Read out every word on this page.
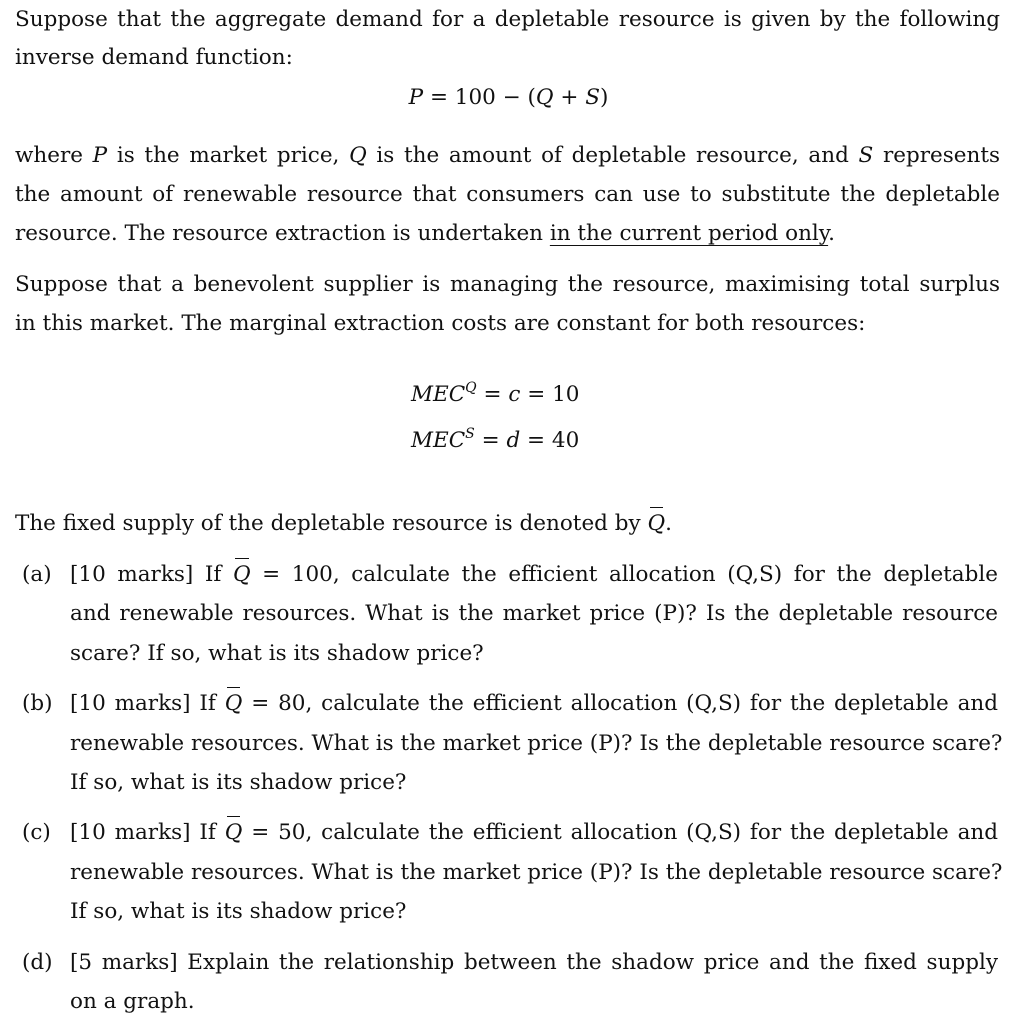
Suppose that the aggregate demand for a depletable resource is given by the following
inverse demand function:
P = 100 − (Q + S)
where P is the market price, Q is the amount of depletable resource, and S represents
the amount of renewable resource that consumers can use to substitute the depletable
resource. The resource extraction is undertaken in the current period only.
Suppose that a benevolent supplier is managing the resource, maximising total surplus
in this market. The marginal extraction costs are constant for both resources:
$MEC^Q = c = 10$
$MEC^S = d = 40$
The fixed supply of the depletable resource is denoted by Q.
(a) [10 marks] If Q = 100, calculate the efficient allocation (Q,S) for the depletable
and renewable resources. What is the market price (P)? Is the depletable resource
scare? If so, what is its shadow price?
(b) [10 marks] If Q = 80, calculate the efficient allocation (Q,S) for the depletable and
renewable resources. What is the market price (P)? Is the depletable resource scare?
If so, what is its shadow price?
(c) [10 marks] If Q = 50, calculate the efficient allocation (Q,S) for the depletable and
renewable resources. What is the market price (P)? Is the depletable resource scare?
If so, what is its shadow price?
(d) [5 marks] Explain the relationship between the shadow price and the fixed supply
on a graph.
